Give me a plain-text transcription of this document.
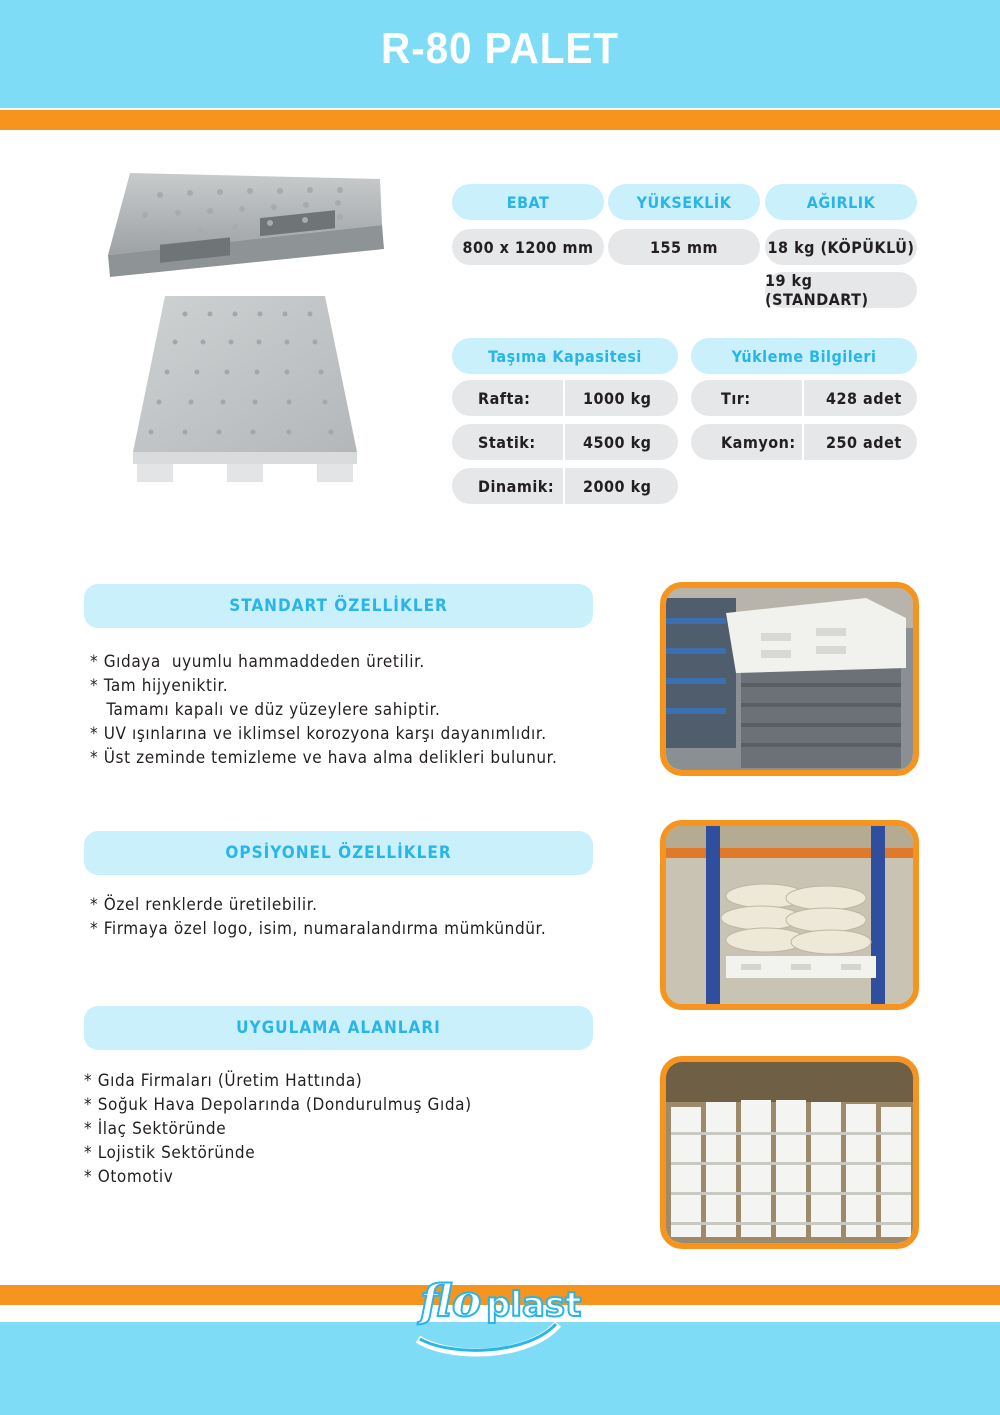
R-80 PALET
EBAT	YÜKSEKLİK	AĞIRLIK
800 x 1200 mm	155 mm	18 kg (KÖPÜKLÜ)
19 kg (STANDART)
Taşıma Kapasitesi
Rafta:	1000 kg
Statik:	4500 kg
Dinamik:	2000 kg
Yükleme Bilgileri
Tır:	428 adet
Kamyon:	250 adet
STANDART ÖZELLİKLER
* Gıdaya  uyumlu hammaddeden üretilir.
* Tam hijyeniktir.
Tamamı kapalı ve düz yüzeylere sahiptir.
* UV ışınlarına ve iklimsel korozyona karşı dayanımlıdır.
* Üst zeminde temizleme ve hava alma delikleri bulunur.
OPSİYONEL ÖZELLİKLER
* Özel renklerde üretilebilir.
* Firmaya özel logo, isim, numaralandırma mümkündür.
UYGULAMA ALANLARI
* Gıda Firmaları (Üretim Hattında)
* Soğuk Hava Depolarında (Dondurulmuş Gıda)
* İlaç Sektöründe
* Lojistik Sektöründe
* Otomotiv
flo plast
